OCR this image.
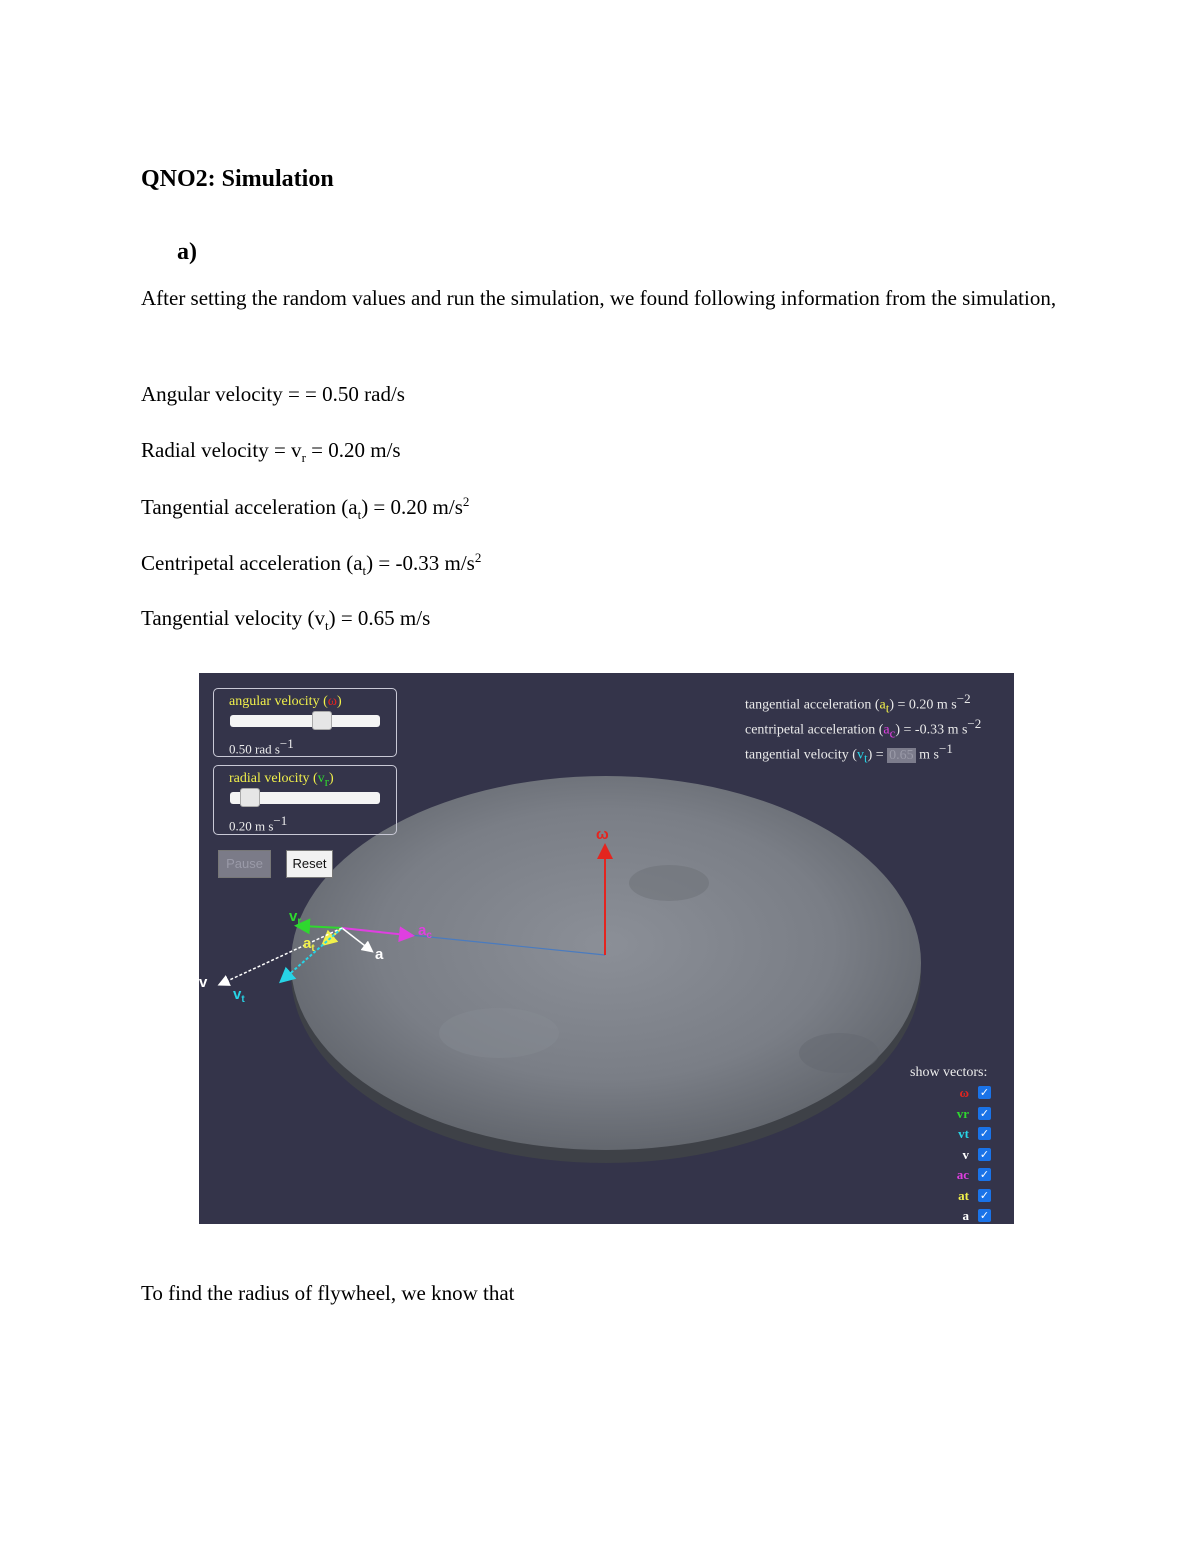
QNO2: Simulation
a)
After setting the random values and run the simulation, we found following information from the simulation,
Angular velocity = = 0.50 rad/s
Radial velocity = $v_r = 0.20$ m/s
Tangential acceleration $(a_t) = 0.20$ $m/s^2$
Centripetal acceleration $(a_t) = -0.33$ $m/s^2$
Tangential velocity $(v_t) = 0.65$ m/s
ω
$v_r$
$a_c$
$a_t$	a
v
$v_t$
angular velocity (ω)
0.50 rad $s^{-1}$
radial velocity $(v_r)$
0.20 m $s^{-1}$
Pause	Reset
tangential acceleration $(a_t) = 0.20$ m $s^{-2}$
centripetal acceleration $(a_c) = -0.33$ m $s^{-2}$
tangential velocity $(v_t) = 0.65$ m $s^{-1}$
show vectors:
ω ✓
vr ✓
vt ✓
v ✓
ac ✓
at ✓
a ✓
To find the radius of flywheel, we know that
